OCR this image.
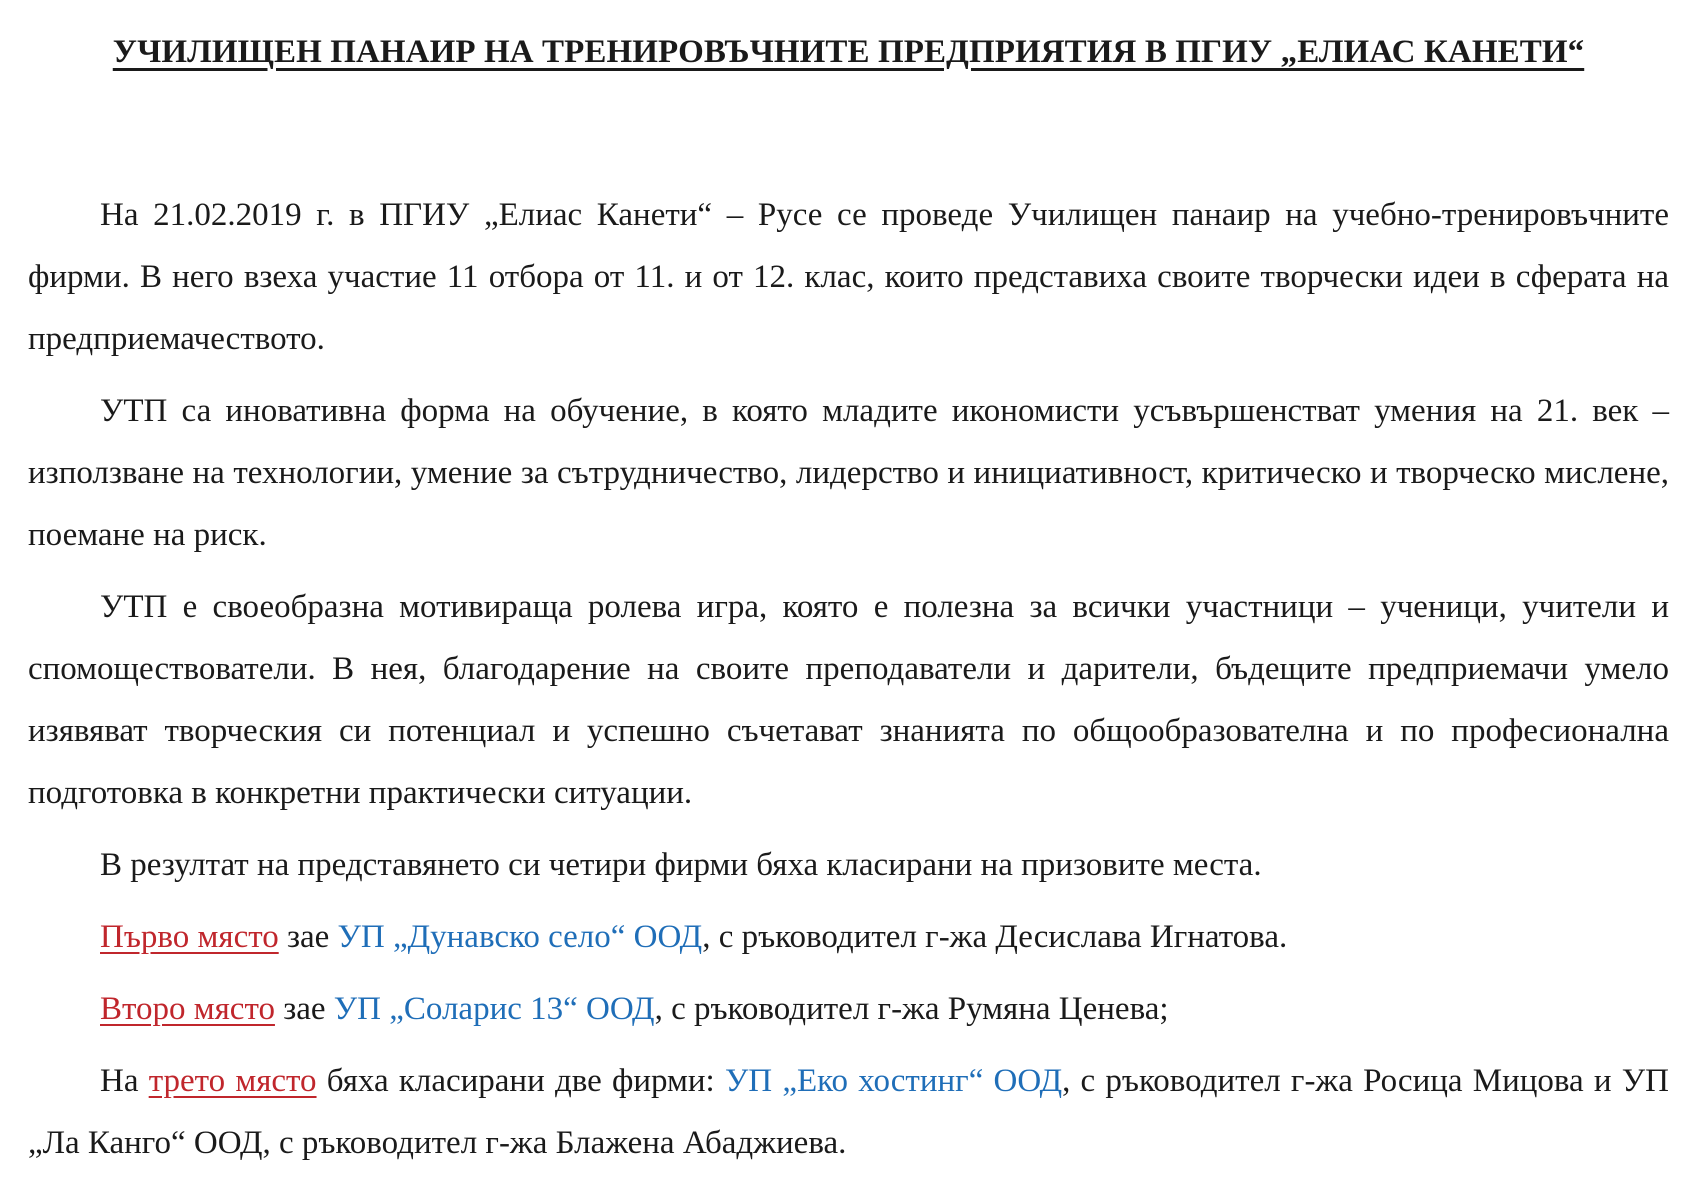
УЧИЛИЩЕН ПАНАИР НА ТРЕНИРОВЪЧНИТЕ ПРЕДПРИЯТИЯ В ПГИУ „ЕЛИАС КАНЕТИ“

На 21.02.2019 г. в ПГИУ „Елиас Канети“ – Русе се проведе Училищен панаир на учебно-тренировъчните фирми. В него взеха участие 11 отбора от 11. и от 12. клас, които представиха своите творчески идеи в сферата на предприемачеството.

УТП са иновативна форма на обучение, в която младите икономисти усъвършенстват умения на 21. век – използване на технологии, умение за сътрудничество, лидерство и инициативност, критическо и творческо мислене, поемане на риск.

УТП е своеобразна мотивираща ролева игра, която е полезна за всички участници – ученици, учители и спомоществователи. В нея, благодарение на своите преподаватели и дарители, бъдещите предприемачи умело изявяват творческия си потенциал и успешно съчетават знанията по общообразователна и по професионална подготовка в конкретни практически ситуации.

В резултат на представянето си четири фирми бяха класирани на призовите места.

Първо място зае УП „Дунавско село“ ООД, с ръководител г-жа Десислава Игнатова.

Второ място зае УП „Соларис 13“ ООД, с ръководител г-жа Румяна Ценева;

На трето място бяха класирани две фирми: УП „Еко хостинг“ ООД, с ръководител г-жа Росица Мицова и УП „Ла Канго“ ООД, с ръководител г-жа Блажена Абаджиева.
